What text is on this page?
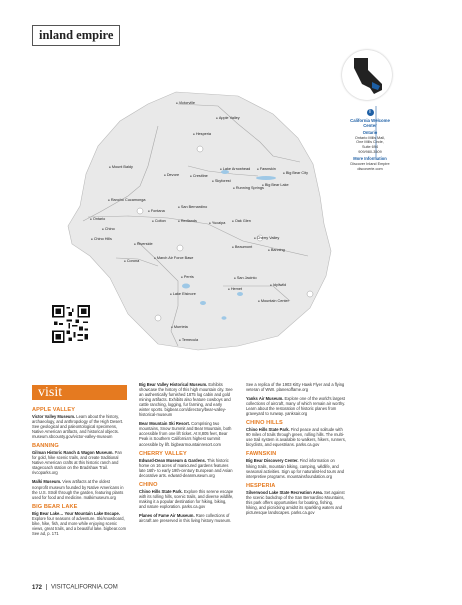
inland empire
● Victorville
● Apple Valley
● Hesperia
● Mount Baldy	● Lake Arrowhead	● Fawnskin
● Big Bear City
● Big Bear Lake
● Devore	● Crestline
● Skyforest
● Running Springs
● Rancho Cucamonga
● San Bernardino
● Fontana
● Ontario	● Colton	● Redlands	● Yucaipa	● Oak Glen
● Chino
● Chino Hills	● Cherry Valley
● Riverside
● Beaumont
● Banning
● Corona
● March Air Force Base
● Perris	● San Jacinto
● Hemet
● Idyllwild
● Lake Elsinore
● Mountain Center
● Murrieta
● Temecula
i
California Welcome Center
Ontario
Ontario Mills Mall,
One Mills Circle,
Suite 694
909/980-3509
More Information
Discover Inland Empire
discoverie.com
visit
APPLE VALLEY
Victor Valley Museum. Learn about the history, archaeology, and anthropology of the High Desert. See geological and paleontological specimens, Native American artifacts, and historical objects. museum.sbcounty.gov/victor-valley-museum
BANNING
Gilman Historic Ranch & Wagon Museum. Pan for gold, hike scenic trails, and create traditional Native American crafts at this historic ranch and stagecoach station on the Bradshaw Trail. rivcoparks.org
Malki Museum. View artifacts at the oldest nonprofit museum founded by Native Americans in the U.S. Stroll through the garden, featuring plants used for food and medicine. malkimuseum.org
BIG BEAR LAKE
Big Bear Lake… Your Mountain Lake Escape. Explore four seasons of adventure. Ski/snowboard, bike, hike, fish, and more while enjoying scenic views, great trails, and a beautiful lake. bigbear.com See ad, p. 171
Big Bear Valley Historical Museum. Exhibits showcase the history of this high mountain city. See an authentically furnished 1875 log cabin and gold mining artifacts. Exhibits also feature cowboys and cattle ranching, logging, fur farming, and early winter sports. bigbear.com/directory/bear-valley-historical-museum
Bear Mountain Ski Resort. Comprising two mountains, Snow Summit and Bear Mountain, both accessible from one lift ticket. At 8,805 feet, Bear Peak is Southern California's highest summit accessible by lift. bigbearmountainresort.com
CHERRY VALLEY
Edward-Dean Museum & Gardens. This historic home on 16 acres of manicured gardens features late 16th- to early 19th-century European and Asian decorative arts. edward-deanmuseum.org
CHINO
Chino Hills State Park. Explore this serene escape with its rolling hills, scenic trails, and diverse wildlife, making it a popular destination for hiking, biking, and nature exploration. parks.ca.gov
Planes of Fame Air Museum. Rare collections of aircraft are preserved in this living history museum.
See a replica of the 1903 Kitty Hawk Flyer and a flying veteran of WWI. planesoffame.org
Yanks Air Museum. Explore one of the world's largest collections of aircraft, many of which remain air worthy. Learn about the restoration of historic planes from graveyard to runway. yanksair.org
CHINO HILLS
Chino Hills State Park. Find peace and solitude with 90 miles of trails through green, rolling hills. The multi-use trail system is available to walkers, hikers, runners, bicyclists, and equestrians. parks.ca.gov
FAWNSKIN
Big Bear Discovery Center. Find information on hiking trails, mountain biking, camping, wildlife, and seasonal activities. Sign up for naturalist-led tours and interpretive programs. mountainsfoundation.org
HESPERIA
Silverwood Lake State Recreation Area. Set against the scenic backdrop of the San Bernardino Mountains, this park offers opportunities for boating, fishing, hiking, and picnicking amidst its sparkling waters and picturesque landscapes. parks.ca.gov
172 VISITCALIFORNIA.COM
